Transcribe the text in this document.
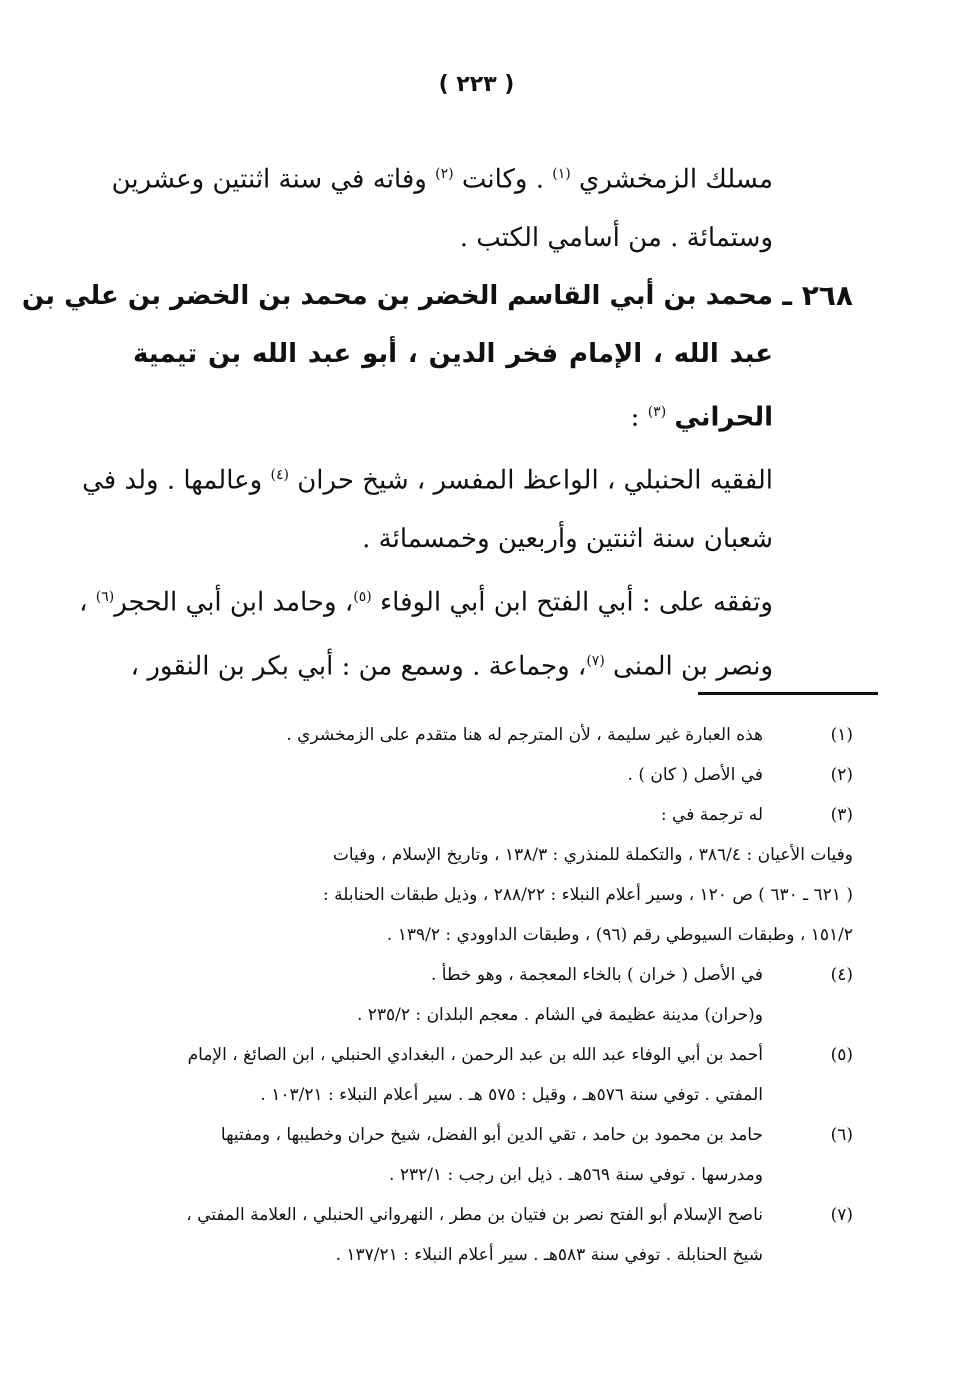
( ٢٢٣ )
مسلك الزمخشري $^{(١)}$ . وكانت $^{(٢)}$ وفاته في سنة اثنتين وعشرين
وستمائة . من أسامي الكتب .
٢٦٨ ـ
محمد بن أبي القاسم الخضر بن محمد بن الخضر بن علي بن
عبد الله ، الإمام فخر الدين ، أبو عبد الله بن تيمية
الحراني $^{(٣)}$ :
الفقيه الحنبلي ، الواعظ المفسر ، شيخ حران $^{(٤)}$ وعالمها . ولد في
شعبان سنة اثنتين وأربعين وخمسمائة .
وتفقه على : أبي الفتح ابن أبي الوفاء $^{(٥)}$، وحامد ابن أبي الحجر$^{(٦)}$ ،
ونصر بن المنى $^{(٧)}$، وجماعة . وسمع من : أبي بكر بن النقور ،
(١)
هذه العبارة غير سليمة ، لأن المترجم له هنا متقدم على الزمخشري .
(٢)
في الأصل ( كان ) .
(٣)
له ترجمة في :
وفيات الأعيان : ٣٨٦/٤ ، والتكملة للمنذري : ١٣٨/٣ ، وتاريخ الإسلام ، وفيات
( ٦٢١ ـ ٦٣٠ ) ص ١٢٠ ، وسير أعلام النبلاء : ٢٨٨/٢٢ ، وذيل طبقات الحنابلة :
١٥١/٢ ، وطبقات السيوطي رقم (٩٦) ، وطبقات الداوودي : ١٣٩/٢ .
(٤)
في الأصل ( خران ) بالخاء المعجمة ، وهو خطأ .
و(حران) مدينة عظيمة في الشام . معجم البلدان : ٢٣٥/٢ .
(٥)
أحمد بن أبي الوفاء عبد الله بن عبد الرحمن ، البغدادي الحنبلي ، ابن الصائغ ، الإمام
المفتي . توفي سنة ٥٧٦هـ ، وقيل : ٥٧٥ هـ . سير أعلام النبلاء : ١٠٣/٢١ .
(٦)
حامد بن محمود بن حامد ، تقي الدين أبو الفضل، شيخ حران وخطيبها ، ومفتيها
ومدرسها . توفي سنة ٥٦٩هـ . ذيل ابن رجب : ٢٣٢/١ .
(٧)
ناصح الإسلام أبو الفتح نصر بن فتيان بن مطر ، النهرواني الحنبلي ، العلامة المفتي ،
شيخ الحنابلة . توفي سنة ٥٨٣هـ . سير أعلام النبلاء : ١٣٧/٢١ .
